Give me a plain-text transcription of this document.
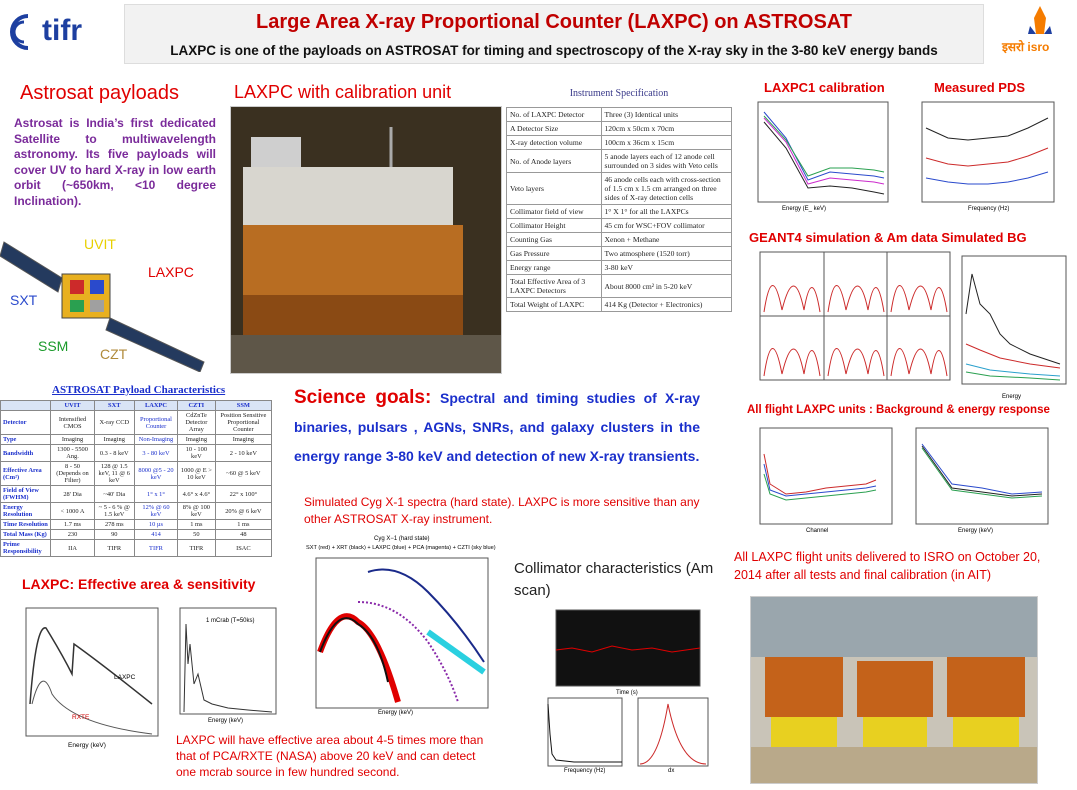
tifr	Large Area X-ray Proportional Counter (LAXPC) on ASTROSAT
LAXPC is one of the payloads on ASTROSAT for timing and spectroscopy of the X-ray sky in the 3-80 keV energy bands	इसरो isro
Astrosat payloads
Astrosat is India’s first dedicated Satellite to multiwavelength astronomy. Its five payloads will cover UV to hard X-ray in low earth orbit (~650km, <10 degree Inclination).
UVIT
LAXPC
SXT
SSM CZT
LAXPC with calibration unit	Instrument Specification
No. of LAXPC Detector	Three (3) Identical units
A Detector Size	120cm x 50cm x 70cm
X-ray detection volume	100cm x 36cm x 15cm
No. of Anode layers	5 anode layers each of 12 anode cell surrounded on 3 sides with Veto cells
Veto layers	46 anode cells each with cross-section of 1.5 cm x 1.5 cm arranged on three sides of X-ray detection cells
Collimator field of view	1° X 1° for all the LAXPCs
Collimator Height	45 cm for WSC+FOV collimator
Counting Gas	Xenon + Methane
Gas Pressure	Two atmosphere (1520 torr)
Energy range	3-80 keV
Total Effective Area of 3 LAXPC Detectors	About 8000 cm² in 5-20 keV
Total Weight of LAXPC	414 Kg (Detector + Electronics)
LAXPC1 calibration	Measured PDS
Energy (E_ keV)	Frequency (Hz)
GEANT4 simulation & Am data Simulated BG
Energy
All flight LAXPC units : Background & energy response
Channel	Energy (keV)
ASTROSAT Payload Characteristics
	UVIT	SXT	LAXPC	CZTI	SSM
Detector	Intensified CMOS	X-ray CCD	Proportional Counter	CdZnTe Detector Array	Position Sensitive Proportional Counter
Type	Imaging	Imaging	Non-Imaging	Imaging	Imaging
Bandwidth	1300 - 5500 Ang.	0.3 - 8 keV	3 - 80 keV	10 - 100 keV	2 - 10 keV
Effective Area (Cm²)	8 - 50 (Depends on Filter)	128 @ 1.5 keV, 11 @ 6 keV	8000 @5 - 20 keV	1000 @ E > 10 keV	~60 @ 5 keV
Field of View (FWHM)	28' Dia	~40' Dia	1° x 1°	4.6° x 4.6°	22° x 100°
Energy Resolution	< 1000 A	~ 5 - 6 % @ 1.5 keV	12% @ 60 keV	8% @ 100 keV	20% @ 6 keV
Time Resolution	1.7 ms	278 ms	10 µs	1 ms	1 ms
Total Mass (Kg)	230	90	414	50	48
Prime Responsibility	IIA	TIFR	TIFR	TIFR	ISAC
Science goals: Spectral and timing studies of X-ray binaries, pulsars , AGNs, SNRs, and galaxy clusters in the energy range 3-80 keV and detection of new X-ray transients.
Simulated Cyg X-1 spectra (hard state). LAXPC is more sensitive than any other ASTROSAT X-ray instrument.
Cyg X−1 (hard state)
SXT (red) + XRT (black) + LAXPC (blue) + PCA (magenta) + CZTI (sky blue)
Energy (keV)
LAXPC: Effective area & sensitivity
LAXPC
RXTE
Energy (keV)
1 mCrab (T=50ks)
Energy (keV)
LAXPC will have effective area about 4-5 times more than that of PCA/RXTE (NASA) above 20 keV and can detect one mcrab source in few hundred second.
Collimator characteristics (Am scan)
Time (s)
Frequency (Hz)	dx
All LAXPC flight units delivered to ISRO on October 20, 2014 after all tests and final calibration (in AIT)
